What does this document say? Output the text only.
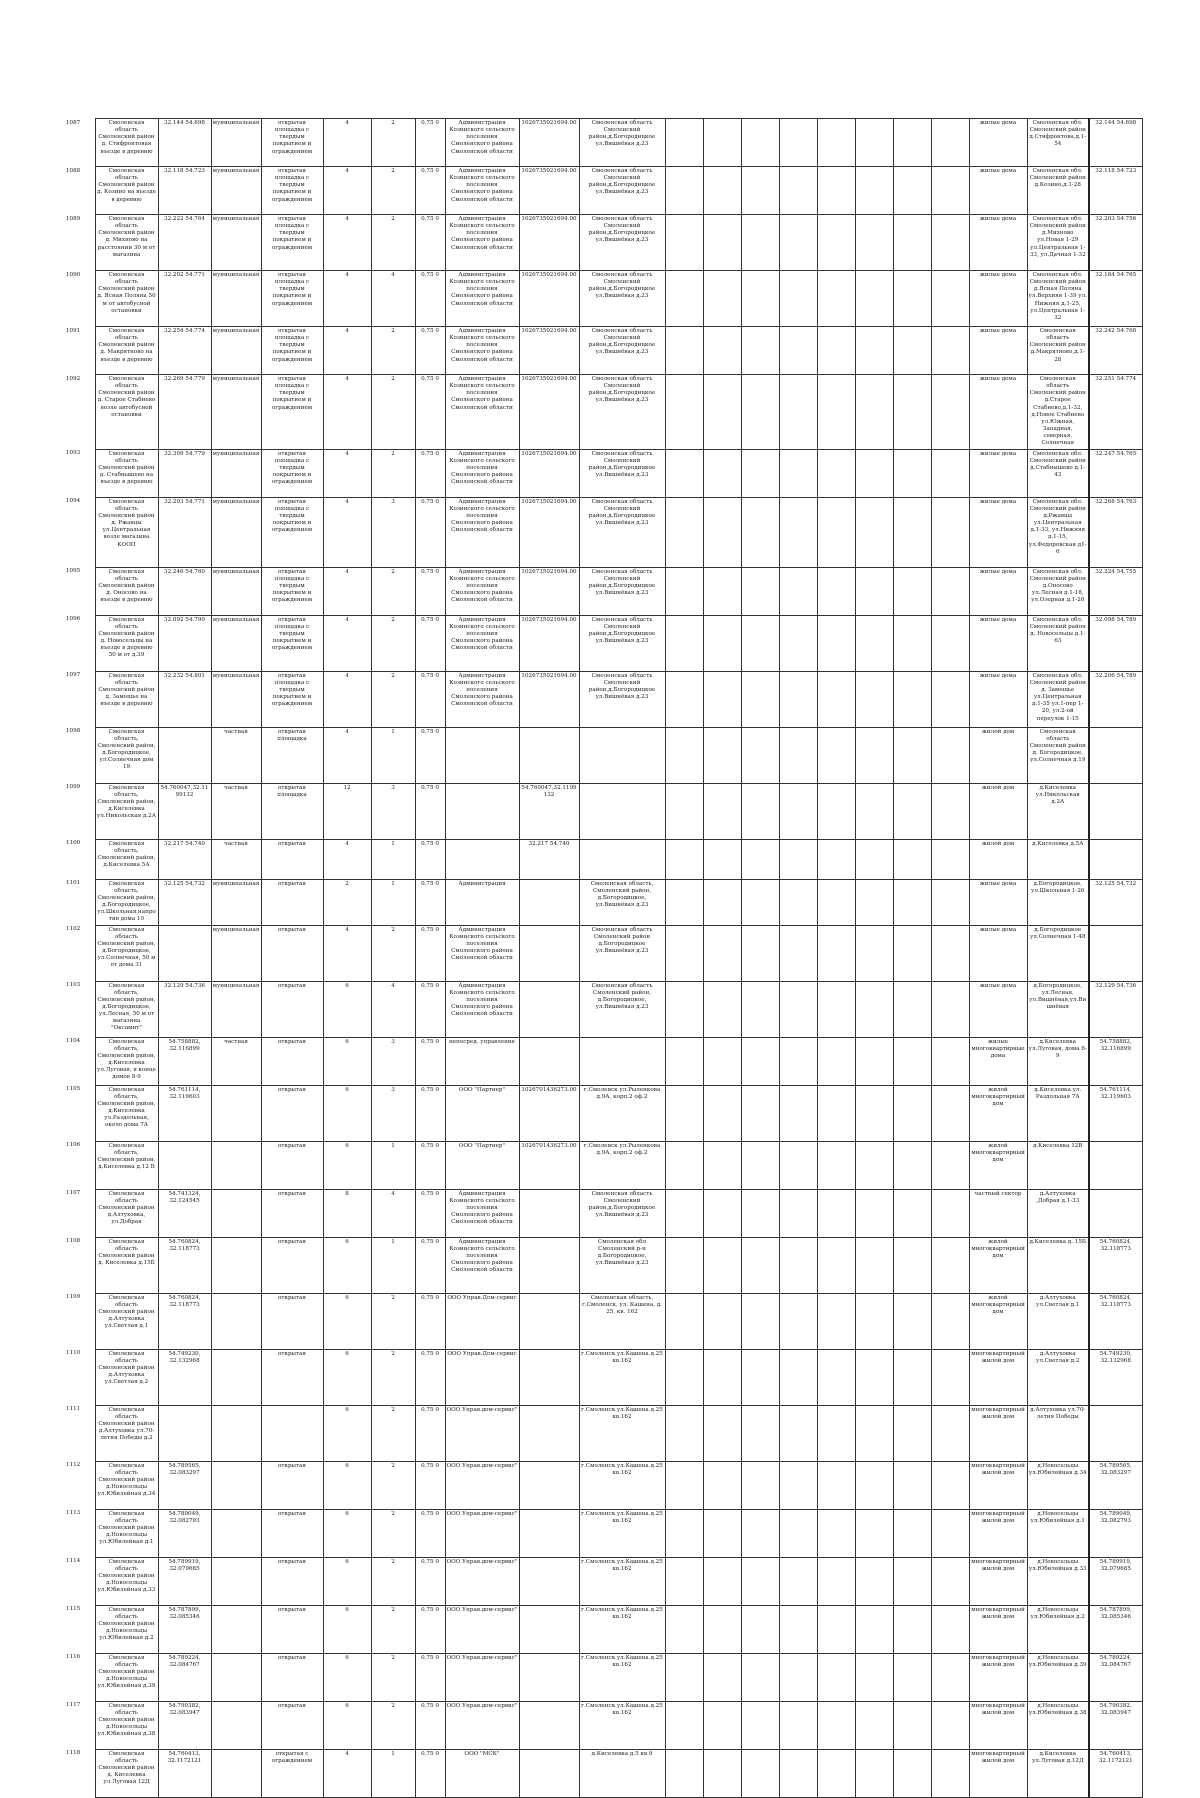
1087	Смоленская область Смоленский район д. Стифронтовая въезде в деревню	32.144 54.698	муниципальная	открытая площадка с твердым покрытием и ограждением	4	2	0.75 0	Администрация Козинского сельского поселения Смоленского района Смоленской области	1026735021694.00	Смоленская область Смоленский район,д.Богородицкое ул.Вишнёвая д.23									жилые дома	Смоленская обл. Смоленский район д.Стифронтова,д.1-54	32.144 54.698
1088	Смоленская область Смоленский район д. Козино на въезде в деревню	32.118 54.723	муниципальная	открытая площадка с твердым покрытием и ограждением	4	2	0.75 0	Администрация Козинского сельского поселения Смоленского района Смоленской области	1026735021694.00	Смоленская область Смоленский район,д.Богородицкое ул.Вишнёвая д.23									жилые дома	Смоленская обл. Смоленский район д.Козино,д.1-28	32.118 54.723
1089	Смоленская область Смоленский район д. Михново на расстоянии 30 м от магазина	32.222 54.764	муниципальная	открытая площадка с твердым покрытием и ограждением	4	2	0.75 0	Администрация Козинского сельского поселения Смоленского района Смоленской области	1026735021694.00	Смоленская область Смоленский район,д.Богородицкое ул.Вишнёвая д.23									жилые дома	Смоленская обл. Смоленский район д.Михново ул.Новая 1-29 ул.Центральная 1-33, ул.Дачная 1-32	32.203 54.756
1090	Смоленская область Смоленский район д. Ясная Поляна 50 м от автобусной остановки	32.202 54.771	муниципальная	открытая площадка с твердым покрытием и ограждением	4	4	0.75 0	Администрация Козинского сельского поселения Смоленского района Смоленской области	1026735021694.00	Смоленская область Смоленский район,д.Богородицкое ул.Вишнёвая д.23									жилые дома	Смоленская обл. Смоленский район д.Ясная Поляна ул.Верхняя 1-39 ул. Нижняя д.1-25, ул.Центральная 1-32	32.184 54.765
1091	Смоленская область Смоленский район д. Макрятново на въезде в деревню	32.254 54.774	муниципальная	открытая площадка с твердым покрытием и ограждением	4	2	0.75 0	Администрация Козинского сельского поселения Смоленского района Смоленской области	1026735021694.00	Смоленская область Смоленский район,д.Богородицкое ул.Вишнёвая д.23									жилые дома	Смоленская область Смоленский район д.Макрятново,д.1-28	32.242 54.768
1092	Смоленская область Смоленский район д. Старое Стабнево возле автобусной остановки	32.269 54.779	муниципальная	открытая площадка с твердым покрытием и ограждением	4	2	0.75 0	Администрация Козинского сельского поселения Смоленского района Смоленской области	1026735021694.00	Смоленская область Смоленский район,д.Богородицкое ул.Вишнёвая д.23									жилые дома	Смоленская область Смоленский район д.Старое Стабнево,д.1-32, д.Новое Стабнево ул.Южная, Западная, северная, Солнечная	32.251 54.774
1093	Смоленская область Смоленский район д. Стабнышево на въезде в деревню	32.309 54.779	муниципальная	открытая площадка с твердым покрытием и ограждением	4	2	0.75 0	Администрация Козинского сельского поселения Смоленского района Смоленской области	1026735021694.00	Смоленская область Смоленский район,д.Богородицкое ул.Вишнёвая д.23									жилые дома	Смоленская обл. Смоленский район д.Стабнышево д.1-43	32.247 54.765
1094	Смоленская область Смоленский район д. Ржавцы ул.Центральная возле магазина КООП	32.293 54.771	муниципальная	открытая площадка с твердым покрытием и ограждением	4	3	0.75 0	Администрация Козинского сельского поселения Смоленского района Смоленской области	1026735021694.00	Смоленская область Смоленский район,д.Богородицкое ул.Вишнёвая д.23									жилые дома	Смоленская обл. Смоленский район д.Ржавцы ул.Центральная д.1-33, ул.Нижняя д.1-15, ул.Федоровская д1-6	32.268 54.763
1095	Смоленская область Смоленский район д. Оносово на въезде в деревню	32.246 54.760	муниципальная	открытая площадка с твердым покрытием и ограждением	4	2	0.75 0	Администрация Козинского сельского поселения Смоленского района Смоленской области	1026735021694.00	Смоленская область Смоленский район,д.Богородицкое ул.Вишнёвая д.23									жилые дома	Смоленская обл. Смоленский район д.Оносово ул.Лесная д.1-18, ул.Озерная д.1-26	32.224 54.755
1096	Смоленская область Смоленский район д. Новосельцы на въезде в деревню 50 м от д.39	32.092 54.790	муниципальная	открытая площадка с твердым покрытием и ограждением	4	2	0.75 0	Администрация Козинского сельского поселения Смоленского района Смоленской области	1026735021694.00	Смоленская область Смоленский район,д.Богородицкое ул.Вишнёвая д.23									жилые дома	Смоленская обл. Смоленский район д. Новосельцы д.1-63	32.098 54.789
1097	Смоленская область Смоленский район д. Замощье на въезде в деревню	32.232 54.801	муниципальная	открытая площадка с твердым покрытием и ограждением	4	2	0.75 0	Администрация Козинского сельского поселения Смоленского района Смоленской области	1026735021694.00	Смоленская область Смоленский район,д.Богородицкое ул.Вишнёвая д.23									жилые дома	Смоленская обл. Смоленский район д. Замощье ул.Центральная д.1-35 ул.1-пер 1-20, ул.2-ой переулок 1-15	32.206 54.789
1098	Смоленская область, Смоленский район, д.Богородицкое, ул.Солнечная дом 19		частная	открытая площадка	4	1	0.75 0												жилой дом	Смоленская область Смоленский район д. Богородицкое, ул.Солнечная д.19	
1099	Смоленская область, Смоленский район, д.Киселевка ул.Никольская д.2А	54.760047,32.1199132	частная	открытая площадка	12	3	0.75 0		54.760047,32.1199132										жилой дом	д.Киселевка ул.Никольская д.2А	
1100	Смоленская область, Смоленский район, д.Киселевка 5А	32.217 54.740	частная	открытая	4	1	0.75 0		32.217 54.740										жилой дом	д.Киселевка д.5А	
1101	Смоленская область, Смоленский район, д.Богородицкое, ул.Школьная,напротив дома 10	32.125 54.732	муниципальная	открытая	2	1	0.75 0	Администрация		Смоленская область, Смоленский район, д.Богородицкое, ул.Вишнёвая д.23									жилые дома	д.Богородицкое, ул.Школьная 1-26	32.125 54.732
1102	Смоленская область Смоленский район, д.Богородицкое, ул.Солнечная, 50 м от дома 31		муниципальная	открытая	4	2	0.75 0	Администрация Козинского сельского поселения Смоленского района Смоленской области		Смоленская область Смоленский район д.Богородицкое ул.Вишнёвая д.23									жилые дома	д.Богородицкое ул.Солнечная 1-48	
1103	Смоленская область, Смоленский район, д.Богородицкое, ул.Лесная, 50 м от магазина "Оксамит"	32.129 54.736	муниципальная	открытая	6	4	0.75 0	Администрация Козинского сельского поселения Смоленского района Смоленской области		Смоленская область Смоленский район, д.Богородицкое, ул.Вишнёвая д.23									жилые дома	д.Богородицкое, ул.Лесная, ул.Вишнёвая,ул.Вишнёвая	32.129 54.736
1104	Смоленская область, Смоленский район, д.Киселевка ул.Луговая, в конце домов 8-9	54.758882, 32.116899	частная	открытая	6	3	0.75 0	непосред. управление											жилые многоквартирные дома	д.Киселевка ул.Луговая, дома 8-9	54.758882, 32.116899
1105	Смоленская область, Смоленский район, д.Киселевка ул.Раздольная, около дома 7А	54.761114, 32.119603		открытая	6	3	0.75 0	ООО "Партнер"	1026701436273.00	г.Смоленск ул.Рыленкова д.9А, корп.2 оф.2									жилой многоквартирный дом	д.Киселевка ул. Раздольная 7А	54.761114, 32.119603
1106	Смоленская область, Смоленский район, д.Киселевка д.12 В			открытая	6	1	0.75 0	ООО "Партнер"	1026701436273.00	г.Смоленск ул.Рыленкова д.9А, корп.2 оф.2									жилой многоквартирный дом	д.Киселевка 12В	
1107	Смоленская область Смоленский район д.Алтуховка, ул.Добрая	54.741324, 32.124545		открытая	8	4	0.75 0	Администрация Козинского сельского поселения Смоленского района Смоленской области		Смоленская область Смоленский район,д.Богородицкое ул.Вишнёвая д.23									частный сектор	д.Алтуховка ,Добрая д.1-33	
1108	Смоленская область Смоленский район д. Киселевка д.15Б	54.760824, 32.118773		открытая	6	1	0.75 0	Администрация Козинского сельского поселения Смоленского района Смоленской области		Смоленская обл Смоленский р-н д.Богородицкое, ул.Вишнёвая д.23									жилой многоквартирный дом	д.Киселевка д. 15Б	54.760824, 32.118773
1109	Смоленская область Смоленский район д.Алтуховка ул.Светлая д.1	54.760824, 32.118773		открытая	6	2	0.75 0	ООО Управ.Дом-сервис		Смоленская область, г.Смоленск, ул. Кашена, д. 25, кв. 162									жилой многоквартирный дом	д.Алтуховка ул.Светлая д.1	54.760824, 32.118773
1110	Смоленская область Смоленский район д.Алтуховка ул.Светлая д.2	54.749230, 32.132968		открытая	6	2	0.75 0	ООО Управ.Дом-сервис		г.Смоленск ул.Кашена д.25 кв.162									многоквартирный жилой дом	д.Алтуховка ул.Светлая д.2	54.749230, 32.132968
1111	Смоленская область Смоленский район д.Алтуховка ул.70-летия Победы д.2				6	2	0.75 0	ООО Управ.дом-сервис"		г.Смоленск ул.Кашена д.25 кв.162									многоквартирный жилой дом	д.Алтуховка ул.70-летия Победы	
1112	Смоленская область Смоленский район д.Новосельцы ул.Юбилейная д.34	54.789565, 32.083297		открытая	6	2	0.75 0	ООО Управ.дом-сервис"		г.Смоленск ул.Кашена д.25 кв.162									многоквартирный жилой дом	д.Новосельцы ул.Юбилейная д.34	54.789565, 32.083297
1113	Смоленская область Смоленский район д.Новосельцы ул.Юбилейная д.1	54.789049, 32.082793		открытая	6	2	0.75 0	ООО Управ.дом-сервис"		г.Смоленск ул.Кашена д.25 кв.162									многоквартирный жилой дом	д.Новосельцы ул.Юбилейная д.1	54.789049, 32.082793
1114	Смоленская область Смоленский район д.Новосельцы ул.Юбилейная д.33	54.789919, 32.079685		открытая	6	2	0.75 0	ООО Управ.дом-сервис"		г.Смоленск ул.Кашена д.25 кв.162									многоквартирный жилой дом	д.Новосельцы ул.Юбилейная д.33	54.789919, 32.079685
1115	Смоленская область Смоленский район д.Новосельцы ул.Юбилейная д.2	54.787899, 32.085346		открытая	6	2	0.75 0	ООО Управ.дом-сервис"		г.Смоленск ул.Кашена д.25 кв.162									многоквартирный жилой дом	д.Новосельцы ул.Юбилейная д.2	54.787899, 32.085346
1116	Смоленская область Смоленский район д.Новосельцы ул.Юбилейная д.39	54.789224, 32.084767		открытая	6	2	0.75 0	ООО Управ.дом-сервис"		г.Смоленск ул.Кашена д.25 кв.162									многоквартирный жилой дом	д.Новосельцы ул.Юбилейная д.39	54.789224, 32.084767
1117	Смоленская область Смоленский район д.Новосельцы ул.Юбилейная д.38	54.790382, 32.083947		открытая	6	2	0.75 0	ООО Управ.дом-сервис"		г.Смоленск ул.Кашена д.25 кв.162									многоквартирный жилой дом	д.Новосельцы ул.Юбилейная д.38	54.790382, 32.083947
1118	Смоленская область Смоленский район д. Киселевка ул.Луговая 12Д	54.760413, 32.1172121		открытая с ограждением	4	1	0.75 0	ООО "МСК"		д.Киселевка д.5 кв.9									многоквартирный жилой дом	д.Киселевка ул.Луговая д.12Д	54.760413, 32.1172121
